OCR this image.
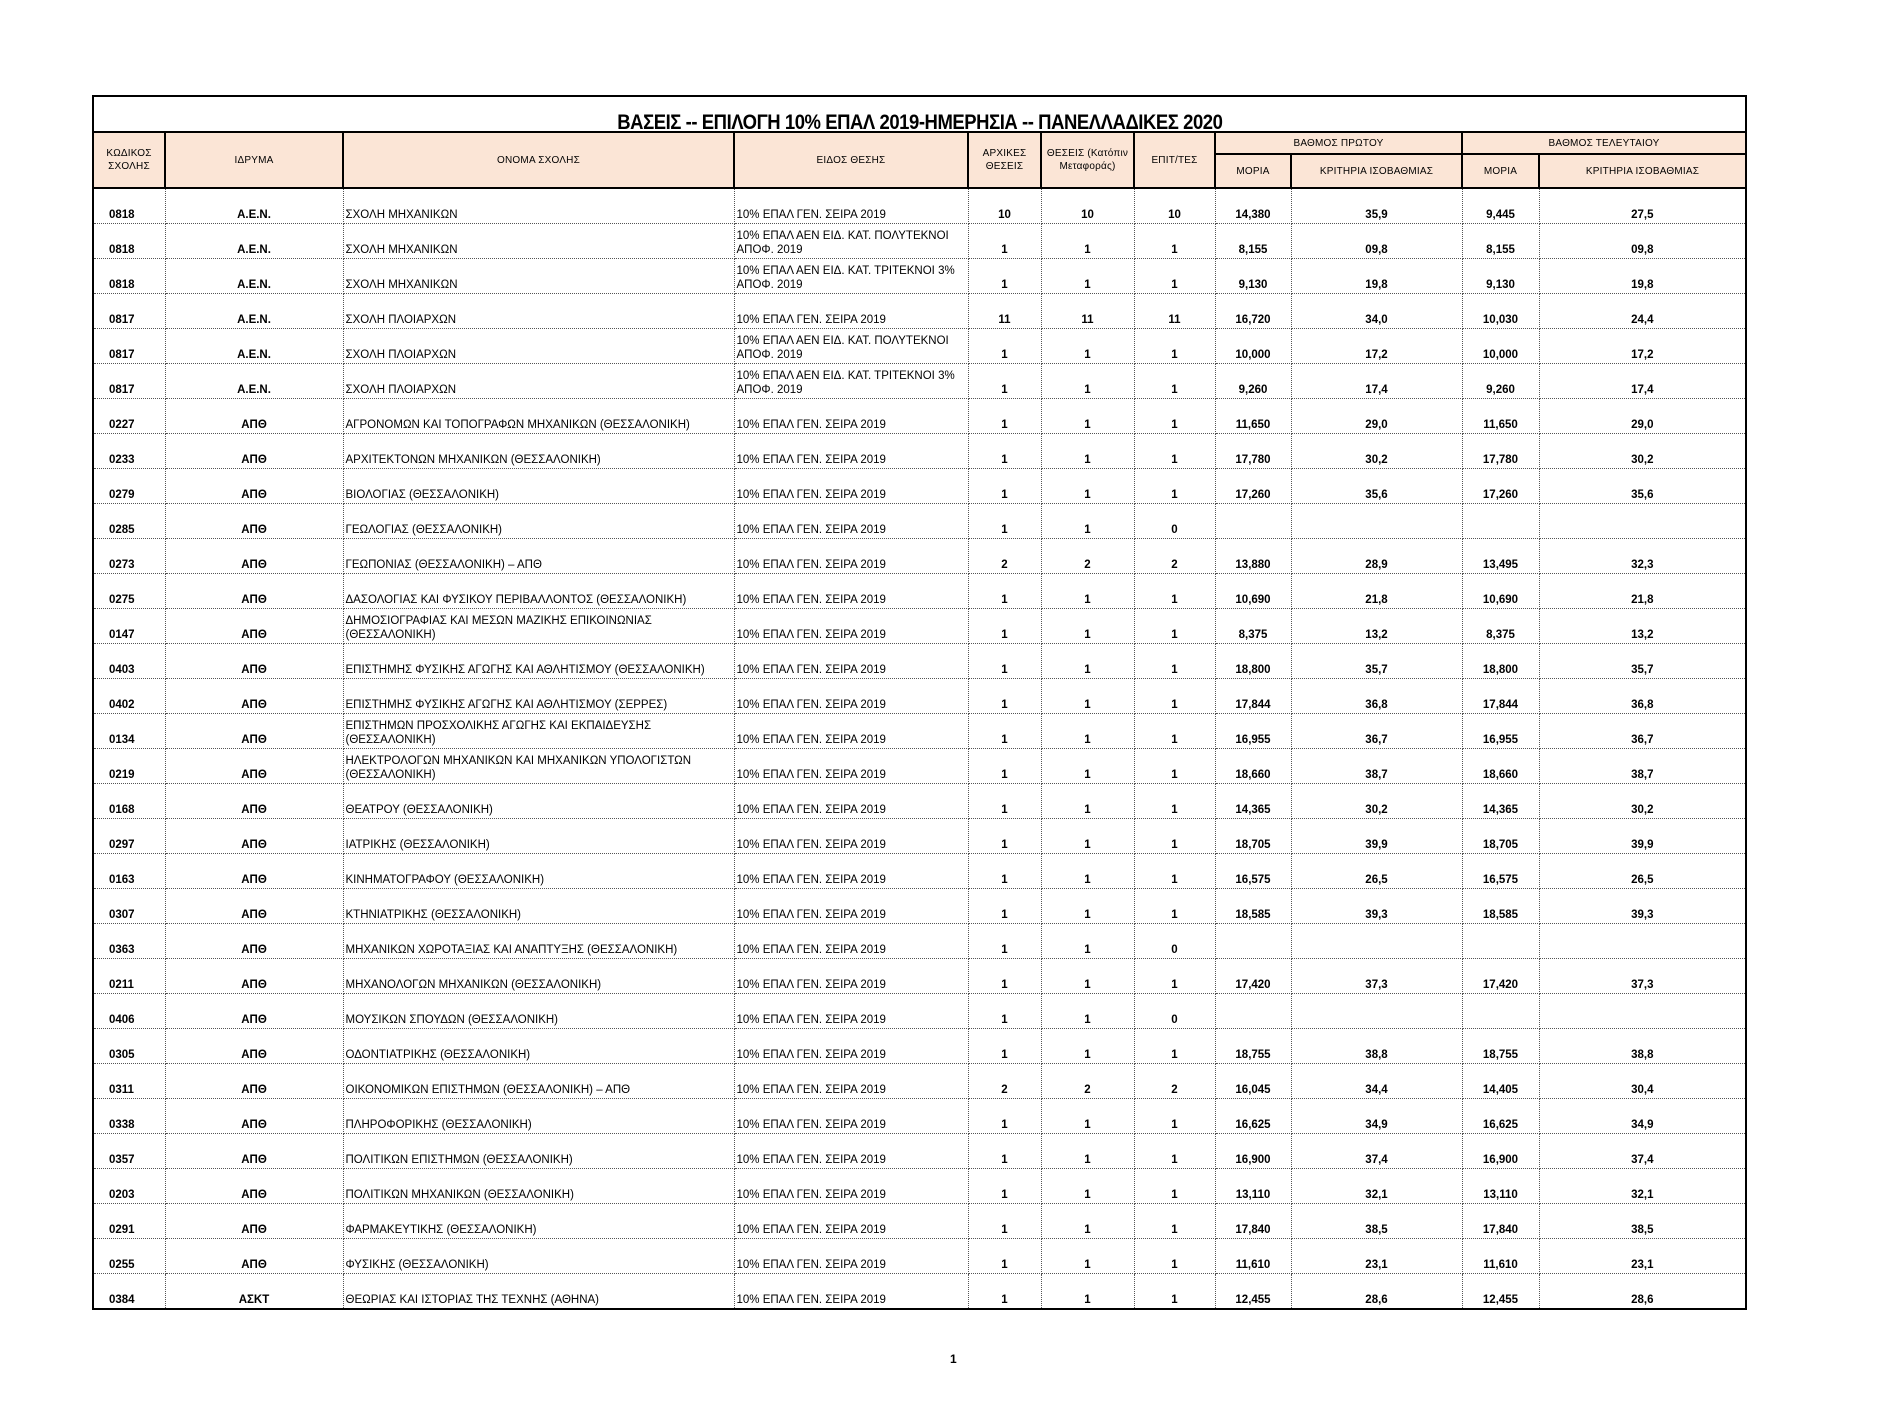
ΒΑΣΕΙΣ -- ΕΠΙΛΟΓΗ 10% ΕΠΑΛ 2019-ΗΜΕΡΗΣΙΑ -- ΠΑΝΕΛΛΑΔΙΚΕΣ 2020										
ΚΩΔΙΚΟΣ ΣΧΟΛΗΣ	ΙΔΡΥΜΑ	ΟΝΟΜΑ ΣΧΟΛΗΣ	ΕΙΔΟΣ ΘΕΣΗΣ	ΑΡΧΙΚΕΣ ΘΕΣΕΙΣ	ΘΕΣΕΙΣ (Κατόπιν Μεταφοράς)	ΕΠΙΤ/ΤΕΣ	ΒΑΘΜΟΣ ΠΡΩΤΟΥ		ΒΑΘΜΟΣ ΤΕΛΕΥΤΑΙΟΥ	
							ΜΟΡΙΑ	ΚΡΙΤΗΡΙΑ ΙΣΟΒΑΘΜΙΑΣ	ΜΟΡΙΑ	ΚΡΙΤΗΡΙΑ ΙΣΟΒΑΘΜΙΑΣ
0818	Α.Ε.Ν.	ΣΧΟΛΗ ΜΗΧΑΝΙΚΩΝ	10% ΕΠΑΛ ΓΕΝ. ΣΕΙΡΑ 2019	10	10	10	14,380	35,9	9,445	27,5
0818	Α.Ε.Ν.	ΣΧΟΛΗ ΜΗΧΑΝΙΚΩΝ	10% ΕΠΑΛ ΑΕΝ ΕΙΔ. ΚΑΤ. ΠΟΛΥΤΕΚΝΟΙ ΑΠΟΦ. 2019	1	1	1	8,155	09,8	8,155	09,8
0818	Α.Ε.Ν.	ΣΧΟΛΗ ΜΗΧΑΝΙΚΩΝ	10% ΕΠΑΛ ΑΕΝ ΕΙΔ. ΚΑΤ. ΤΡΙΤΕΚΝΟΙ 3% ΑΠΟΦ. 2019	1	1	1	9,130	19,8	9,130	19,8
0817	Α.Ε.Ν.	ΣΧΟΛΗ ΠΛΟΙΑΡΧΩΝ	10% ΕΠΑΛ ΓΕΝ. ΣΕΙΡΑ 2019	11	11	11	16,720	34,0	10,030	24,4
0817	Α.Ε.Ν.	ΣΧΟΛΗ ΠΛΟΙΑΡΧΩΝ	10% ΕΠΑΛ ΑΕΝ ΕΙΔ. ΚΑΤ. ΠΟΛΥΤΕΚΝΟΙ ΑΠΟΦ. 2019	1	1	1	10,000	17,2	10,000	17,2
0817	Α.Ε.Ν.	ΣΧΟΛΗ ΠΛΟΙΑΡΧΩΝ	10% ΕΠΑΛ ΑΕΝ ΕΙΔ. ΚΑΤ. ΤΡΙΤΕΚΝΟΙ 3% ΑΠΟΦ. 2019	1	1	1	9,260	17,4	9,260	17,4
0227	ΑΠΘ	ΑΓΡΟΝΟΜΩΝ ΚΑΙ ΤΟΠΟΓΡΑΦΩΝ ΜΗΧΑΝΙΚΩΝ (ΘΕΣΣΑΛΟΝΙΚΗ)	10% ΕΠΑΛ ΓΕΝ. ΣΕΙΡΑ 2019	1	1	1	11,650	29,0	11,650	29,0
0233	ΑΠΘ	ΑΡΧΙΤΕΚΤΟΝΩΝ ΜΗΧΑΝΙΚΩΝ (ΘΕΣΣΑΛΟΝΙΚΗ)	10% ΕΠΑΛ ΓΕΝ. ΣΕΙΡΑ 2019	1	1	1	17,780	30,2	17,780	30,2
0279	ΑΠΘ	ΒΙΟΛΟΓΙΑΣ (ΘΕΣΣΑΛΟΝΙΚΗ)	10% ΕΠΑΛ ΓΕΝ. ΣΕΙΡΑ 2019	1	1	1	17,260	35,6	17,260	35,6
0285	ΑΠΘ	ΓΕΩΛΟΓΙΑΣ (ΘΕΣΣΑΛΟΝΙΚΗ)	10% ΕΠΑΛ ΓΕΝ. ΣΕΙΡΑ 2019	1	1	0				
0273	ΑΠΘ	ΓΕΩΠΟΝΙΑΣ (ΘΕΣΣΑΛΟΝΙΚΗ) – ΑΠΘ	10% ΕΠΑΛ ΓΕΝ. ΣΕΙΡΑ 2019	2	2	2	13,880	28,9	13,495	32,3
0275	ΑΠΘ	ΔΑΣΟΛΟΓΙΑΣ ΚΑΙ ΦΥΣΙΚΟΥ ΠΕΡΙΒΑΛΛΟΝΤΟΣ (ΘΕΣΣΑΛΟΝΙΚΗ)	10% ΕΠΑΛ ΓΕΝ. ΣΕΙΡΑ 2019	1	1	1	10,690	21,8	10,690	21,8
0147	ΑΠΘ	ΔΗΜΟΣΙΟΓΡΑΦΙΑΣ ΚΑΙ ΜΕΣΩΝ ΜΑΖΙΚΗΣ ΕΠΙΚΟΙΝΩΝΙΑΣ (ΘΕΣΣΑΛΟΝΙΚΗ)	10% ΕΠΑΛ ΓΕΝ. ΣΕΙΡΑ 2019	1	1	1	8,375	13,2	8,375	13,2
0403	ΑΠΘ	ΕΠΙΣΤΗΜΗΣ ΦΥΣΙΚΗΣ ΑΓΩΓΗΣ ΚΑΙ ΑΘΛΗΤΙΣΜΟΥ (ΘΕΣΣΑΛΟΝΙΚΗ)	10% ΕΠΑΛ ΓΕΝ. ΣΕΙΡΑ 2019	1	1	1	18,800	35,7	18,800	35,7
0402	ΑΠΘ	ΕΠΙΣΤΗΜΗΣ ΦΥΣΙΚΗΣ ΑΓΩΓΗΣ ΚΑΙ ΑΘΛΗΤΙΣΜΟΥ (ΣΕΡΡΕΣ)	10% ΕΠΑΛ ΓΕΝ. ΣΕΙΡΑ 2019	1	1	1	17,844	36,8	17,844	36,8
0134	ΑΠΘ	ΕΠΙΣΤΗΜΩΝ ΠΡΟΣΧΟΛΙΚΗΣ ΑΓΩΓΗΣ ΚΑΙ ΕΚΠΑΙΔΕΥΣΗΣ (ΘΕΣΣΑΛΟΝΙΚΗ)	10% ΕΠΑΛ ΓΕΝ. ΣΕΙΡΑ 2019	1	1	1	16,955	36,7	16,955	36,7
0219	ΑΠΘ	ΗΛΕΚΤΡΟΛΟΓΩΝ ΜΗΧΑΝΙΚΩΝ ΚΑΙ ΜΗΧΑΝΙΚΩΝ ΥΠΟΛΟΓΙΣΤΩΝ (ΘΕΣΣΑΛΟΝΙΚΗ)	10% ΕΠΑΛ ΓΕΝ. ΣΕΙΡΑ 2019	1	1	1	18,660	38,7	18,660	38,7
0168	ΑΠΘ	ΘΕΑΤΡΟΥ (ΘΕΣΣΑΛΟΝΙΚΗ)	10% ΕΠΑΛ ΓΕΝ. ΣΕΙΡΑ 2019	1	1	1	14,365	30,2	14,365	30,2
0297	ΑΠΘ	ΙΑΤΡΙΚΗΣ (ΘΕΣΣΑΛΟΝΙΚΗ)	10% ΕΠΑΛ ΓΕΝ. ΣΕΙΡΑ 2019	1	1	1	18,705	39,9	18,705	39,9
0163	ΑΠΘ	ΚΙΝΗΜΑΤΟΓΡΑΦΟΥ (ΘΕΣΣΑΛΟΝΙΚΗ)	10% ΕΠΑΛ ΓΕΝ. ΣΕΙΡΑ 2019	1	1	1	16,575	26,5	16,575	26,5
0307	ΑΠΘ	ΚΤΗΝΙΑΤΡΙΚΗΣ (ΘΕΣΣΑΛΟΝΙΚΗ)	10% ΕΠΑΛ ΓΕΝ. ΣΕΙΡΑ 2019	1	1	1	18,585	39,3	18,585	39,3
0363	ΑΠΘ	ΜΗΧΑΝΙΚΩΝ ΧΩΡΟΤΑΞΙΑΣ ΚΑΙ ΑΝΑΠΤΥΞΗΣ (ΘΕΣΣΑΛΟΝΙΚΗ)	10% ΕΠΑΛ ΓΕΝ. ΣΕΙΡΑ 2019	1	1	0				
0211	ΑΠΘ	ΜΗΧΑΝΟΛΟΓΩΝ ΜΗΧΑΝΙΚΩΝ (ΘΕΣΣΑΛΟΝΙΚΗ)	10% ΕΠΑΛ ΓΕΝ. ΣΕΙΡΑ 2019	1	1	1	17,420	37,3	17,420	37,3
0406	ΑΠΘ	ΜΟΥΣΙΚΩΝ ΣΠΟΥΔΩΝ (ΘΕΣΣΑΛΟΝΙΚΗ)	10% ΕΠΑΛ ΓΕΝ. ΣΕΙΡΑ 2019	1	1	0				
0305	ΑΠΘ	ΟΔΟΝΤΙΑΤΡΙΚΗΣ (ΘΕΣΣΑΛΟΝΙΚΗ)	10% ΕΠΑΛ ΓΕΝ. ΣΕΙΡΑ 2019	1	1	1	18,755	38,8	18,755	38,8
0311	ΑΠΘ	ΟΙΚΟΝΟΜΙΚΩΝ ΕΠΙΣΤΗΜΩΝ (ΘΕΣΣΑΛΟΝΙΚΗ) – ΑΠΘ	10% ΕΠΑΛ ΓΕΝ. ΣΕΙΡΑ 2019	2	2	2	16,045	34,4	14,405	30,4
0338	ΑΠΘ	ΠΛΗΡΟΦΟΡΙΚΗΣ (ΘΕΣΣΑΛΟΝΙΚΗ)	10% ΕΠΑΛ ΓΕΝ. ΣΕΙΡΑ 2019	1	1	1	16,625	34,9	16,625	34,9
0357	ΑΠΘ	ΠΟΛΙΤΙΚΩΝ ΕΠΙΣΤΗΜΩΝ (ΘΕΣΣΑΛΟΝΙΚΗ)	10% ΕΠΑΛ ΓΕΝ. ΣΕΙΡΑ 2019	1	1	1	16,900	37,4	16,900	37,4
0203	ΑΠΘ	ΠΟΛΙΤΙΚΩΝ ΜΗΧΑΝΙΚΩΝ (ΘΕΣΣΑΛΟΝΙΚΗ)	10% ΕΠΑΛ ΓΕΝ. ΣΕΙΡΑ 2019	1	1	1	13,110	32,1	13,110	32,1
0291	ΑΠΘ	ΦΑΡΜΑΚΕΥΤΙΚΗΣ (ΘΕΣΣΑΛΟΝΙΚΗ)	10% ΕΠΑΛ ΓΕΝ. ΣΕΙΡΑ 2019	1	1	1	17,840	38,5	17,840	38,5
0255	ΑΠΘ	ΦΥΣΙΚΗΣ (ΘΕΣΣΑΛΟΝΙΚΗ)	10% ΕΠΑΛ ΓΕΝ. ΣΕΙΡΑ 2019	1	1	1	11,610	23,1	11,610	23,1
0384	ΑΣΚΤ	ΘΕΩΡΙΑΣ ΚΑΙ ΙΣΤΟΡΙΑΣ ΤΗΣ ΤΕΧΝΗΣ (ΑΘΗΝΑ)	10% ΕΠΑΛ ΓΕΝ. ΣΕΙΡΑ 2019	1	1	1	12,455	28,6	12,455	28,6
1
